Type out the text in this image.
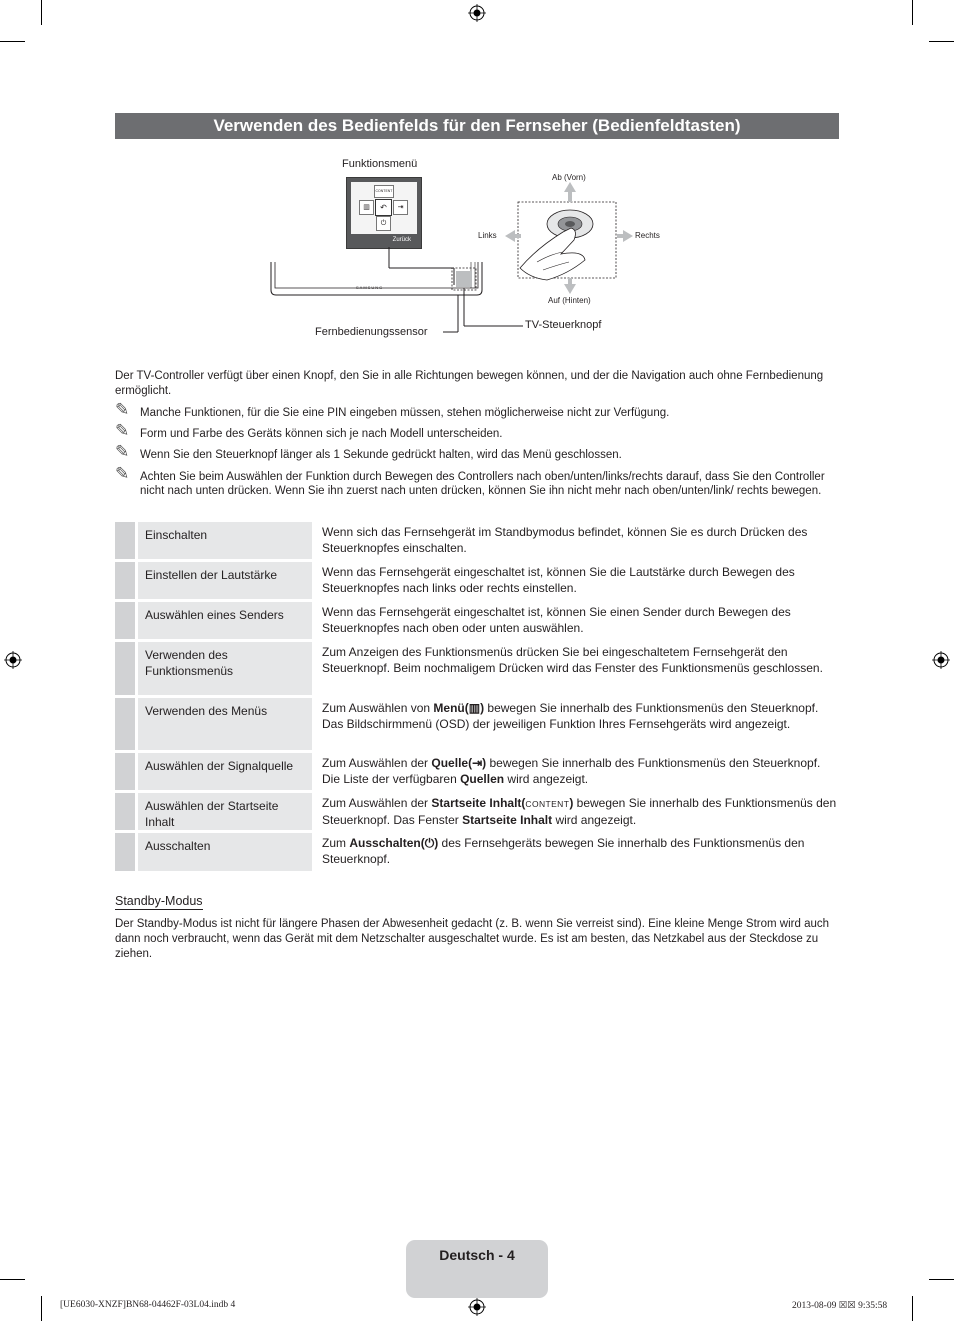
Verwenden des Bedienfelds für den Fernseher (Bedienfeldtasten)
Funktionsmenü
CONTENT
▥	↶	⇥
⏻
Zurück
Ab (Vorn)
Links	Rechts
Auf (Hinten)
SAMSUNG
TV-Steuerknopf
Fernbedienungssensor
Der TV-Controller verfügt über einen Knopf, den Sie in alle Richtungen bewegen können, und der die Navigation auch ohne Fernbedienung ermöglicht.
✎ Manche Funktionen, für die Sie eine PIN eingeben müssen, stehen möglicherweise nicht zur Verfügung.
✎ Form und Farbe des Geräts können sich je nach Modell unterscheiden.
✎ Wenn Sie den Steuerknopf länger als 1 Sekunde gedrückt halten, wird das Menü geschlossen.
✎ Achten Sie beim Auswählen der Funktion durch Bewegen des Controllers nach oben/unten/links/rechts darauf, dass Sie den Controller nicht nach unten drücken. Wenn Sie ihn zuerst nach unten drücken, können Sie ihn nicht mehr nach oben/unten/link/ rechts bewegen.
Einschalten	Wenn sich das Fernsehgerät im Standbymodus befindet, können Sie es durch Drücken des Steuerknopfes einschalten.
Einstellen der Lautstärke	Wenn das Fernsehgerät eingeschaltet ist, können Sie die Lautstärke durch Bewegen des Steuerknopfes nach links oder rechts einstellen.
Auswählen eines Senders	Wenn das Fernsehgerät eingeschaltet ist, können Sie einen Sender durch Bewegen des Steuerknopfes nach oben oder unten auswählen.
Verwenden des Funktionsmenüs
Zum Anzeigen des Funktionsmenüs drücken Sie bei eingeschaltetem Fernsehgerät den Steuerknopf. Beim nochmaligem Drücken wird das Fenster des Funktionsmenüs geschlossen.
Verwenden des Menüs	Zum Auswählen von Menü(▥) bewegen Sie innerhalb des Funktionsmenüs den Steuerknopf. Das Bildschirmmenü (OSD) der jeweiligen Funktion Ihres Fernsehgeräts wird angezeigt.
Auswählen der Signalquelle	Zum Auswählen der Quelle(⇥) bewegen Sie innerhalb des Funktionsmenüs den Steuerknopf. Die Liste der verfügbaren Quellen wird angezeigt.
Auswählen der Startseite Inhalt
Zum Auswählen der Startseite Inhalt(CONTENT) bewegen Sie innerhalb des Funktionsmenüs den Steuerknopf. Das Fenster Startseite Inhalt wird angezeigt.
Ausschalten	Zum Ausschalten(⏻) des Fernsehgeräts bewegen Sie innerhalb des Funktionsmenüs den Steuerknopf.
Standby-Modus
Der Standby-Modus ist nicht für längere Phasen der Abwesenheit gedacht (z. B. wenn Sie verreist sind). Eine kleine Menge Strom wird auch dann noch verbraucht, wenn das Gerät mit dem Netzschalter ausgeschaltet wurde. Es ist am besten, das Netzkabel aus der Steckdose zu ziehen.
Deutsch - 4
[UE6030-XNZF]BN68-04462F-03L04.indb 4	2013-08-09 ☒☒ 9:35:58
